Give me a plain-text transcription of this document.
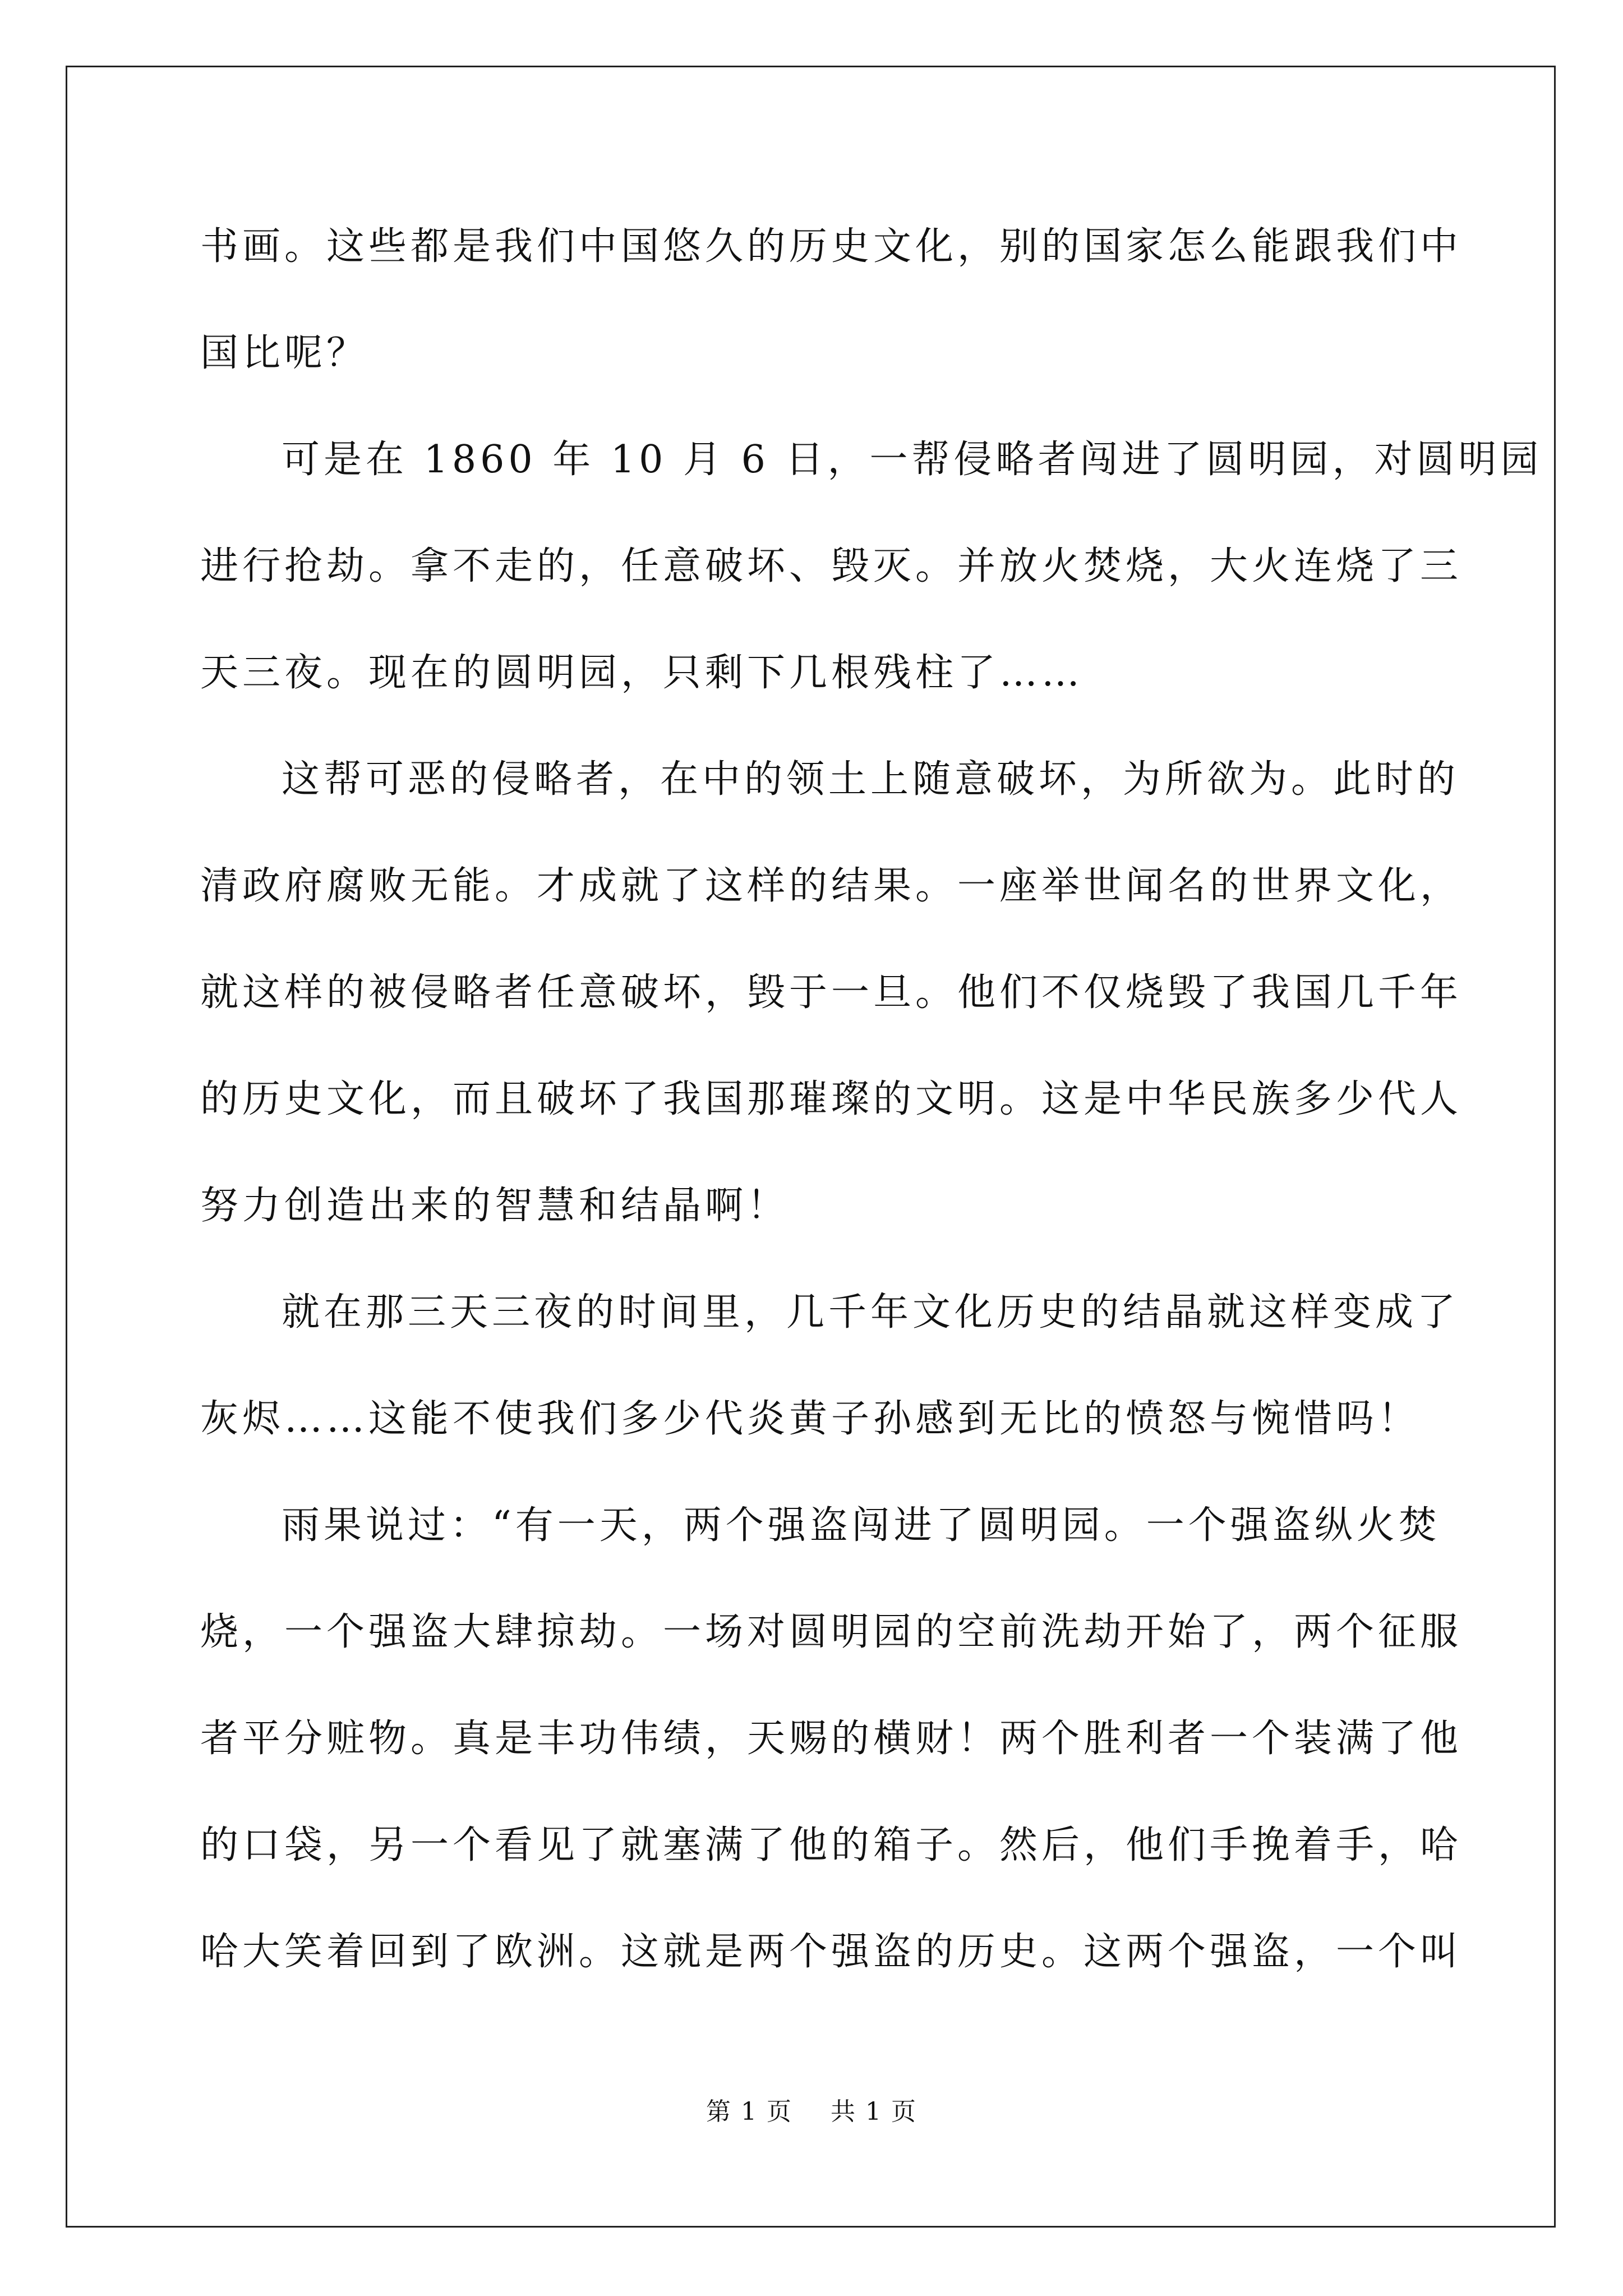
书画。这些都是我们中国悠久的历史文化，别的国家怎么能跟我们中
国比呢？
可是在 1860 年 10 月 6 日，一帮侵略者闯进了圆明园，对圆明园
进行抢劫。拿不走的，任意破坏、毁灭。并放火焚烧，大火连烧了三
天三夜。现在的圆明园，只剩下几根残柱了……
这帮可恶的侵略者，在中的领土上随意破坏，为所欲为。此时的
清政府腐败无能。才成就了这样的结果。一座举世闻名的世界文化，
就这样的被侵略者任意破坏，毁于一旦。他们不仅烧毁了我国几千年
的历史文化，而且破坏了我国那璀璨的文明。这是中华民族多少代人
努力创造出来的智慧和结晶啊！
就在那三天三夜的时间里，几千年文化历史的结晶就这样变成了
灰烬……这能不使我们多少代炎黄子孙感到无比的愤怒与惋惜吗！
雨果说过：“有一天，两个强盗闯进了圆明园。一个强盗纵火焚
烧，一个强盗大肆掠劫。一场对圆明园的空前洗劫开始了，两个征服
者平分赃物。真是丰功伟绩，天赐的横财！两个胜利者一个装满了他
的口袋，另一个看见了就塞满了他的箱子。然后，他们手挽着手，哈
哈大笑着回到了欧洲。这就是两个强盗的历史。这两个强盗，一个叫
第 1 页 共 1 页
